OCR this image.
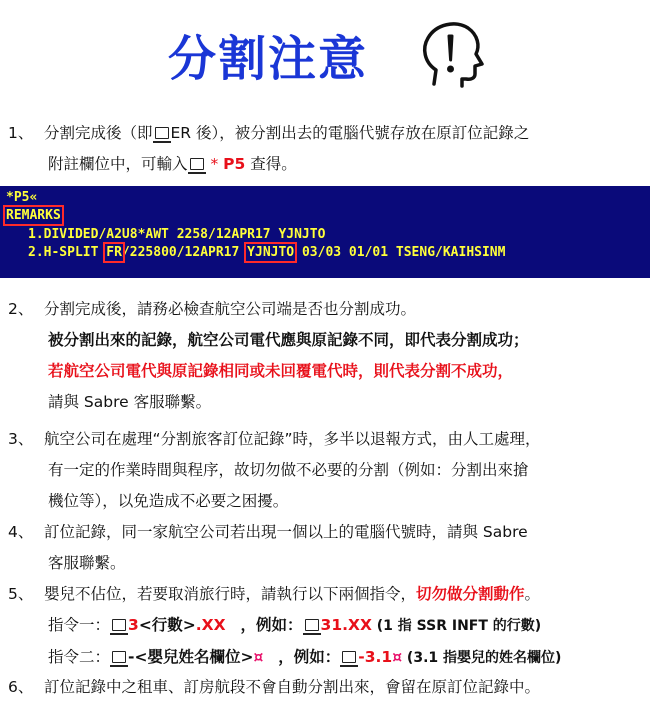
分割注意
1、 分割完成後（即 ER 後），被分割出去的電腦代號存放在原訂位記錄之
附註欄位中，可輸入 * P5 查得。
*P5«
REMARKS
1.DIVIDED/A2U8*AWT 2258/12APR17 YJNJTO
2.H-SPLIT FR/225800/12APR17 YJNJTO 03/03 01/01 TSENG/KAIHSINM
2、 分割完成後，請務必檢查航空公司端是否也分割成功。
被分割出來的記錄，航空公司電代應與原記錄不同，即代表分割成功；
若航空公司電代與原記錄相同或未回覆電代時，則代表分割不成功，
請與 Sabre 客服聯繫。
3、 航空公司在處理“分割旅客訂位記錄”時，多半以退報方式，由人工處理，
有一定的作業時間與程序，故切勿做不必要的分割（例如：分割出來搶
機位等），以免造成不必要之困擾。
4、 訂位記錄，同一家航空公司若出現一個以上的電腦代號時，請與 Sabre
客服聯繫。
5、 嬰兒不佔位，若要取消旅行時，請執行以下兩個指令，切勿做分割動作。
指令一： 3<行數>.XX ，例如： 31.XX (1 指 SSR INFT 的行數)
指令二： -<嬰兒姓名欄位>¤ ，例如： -3.1¤ (3.1 指嬰兒的姓名欄位)
6、 訂位記錄中之租車、訂房航段不會自動分割出來，會留在原訂位記錄中。
